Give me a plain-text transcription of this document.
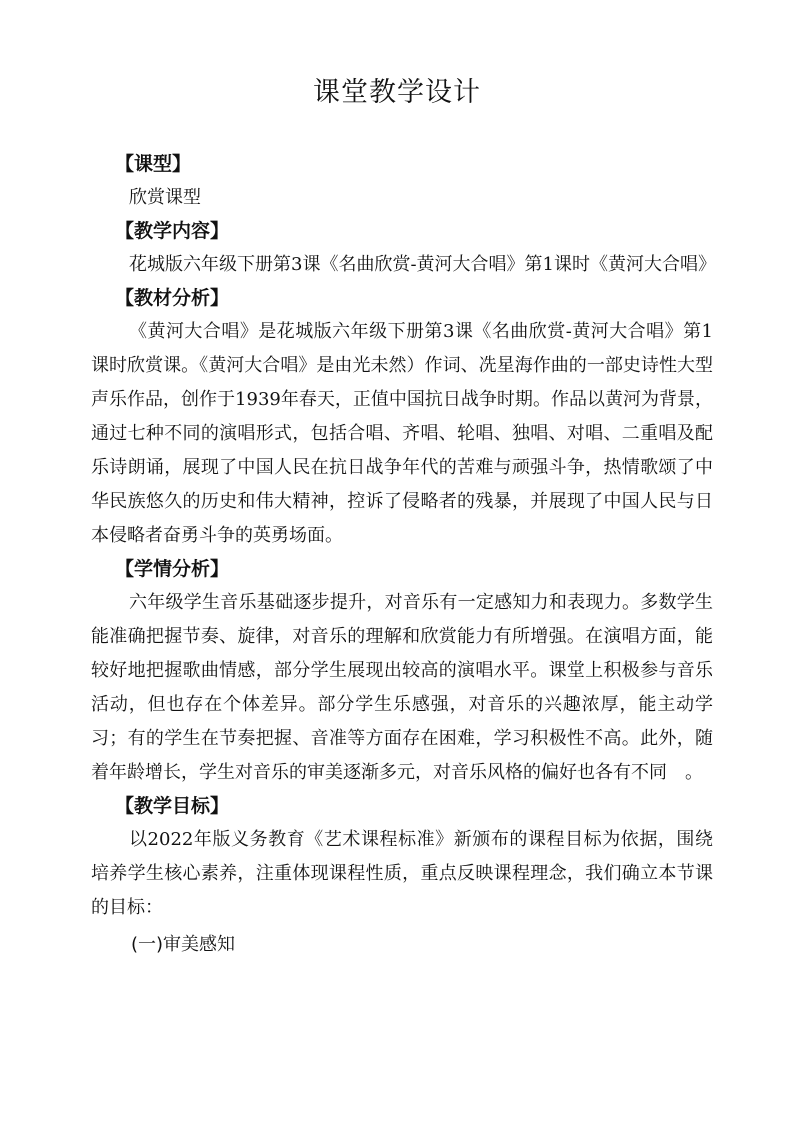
课堂教学设计

【课型】

欣赏课型

【教学内容】

花城版六年级下册第3课《名曲欣赏-黄河大合唱》第1课时《黄河大合唱》

【教材分析】

《黄河大合唱》是花城版六年级下册第3课《名曲欣赏-黄河大合唱》第1课时欣赏课。《黄河大合唱》是由光未然）作词、冼星海作曲的一部史诗性大型声乐作品，创作于1939年春天，正值中国抗日战争时期。作品以黄河为背景，通过七种不同的演唱形式，包括合唱、齐唱、轮唱、独唱、对唱、二重唱及配乐诗朗诵，展现了中国人民在抗日战争年代的苦难与顽强斗争，热情歌颂了中华民族悠久的历史和伟大精神，控诉了侵略者的残暴，并展现了中国人民与日本侵略者奋勇斗争的英勇场面。

【学情分析】

六年级学生音乐基础逐步提升，对音乐有一定感知力和表现力。多数学生能准确把握节奏、旋律，对音乐的理解和欣赏能力有所增强。在演唱方面，能较好地把握歌曲情感，部分学生展现出较高的演唱水平。课堂上积极参与音乐活动，但也存在个体差异。部分学生乐感强，对音乐的兴趣浓厚，能主动学习；有的学生在节奏把握、音准等方面存在困难，学习积极性不高。此外，随着年龄增长，学生对音乐的审美逐渐多元，对音乐风格的偏好也各有不同　。

【教学目标】

以2022年版义务教育《艺术课程标准》新颁布的课程目标为依据，围绕培养学生核心素养，注重体现课程性质，重点反映课程理念，我们确立本节课的目标：

(一)审美感知
